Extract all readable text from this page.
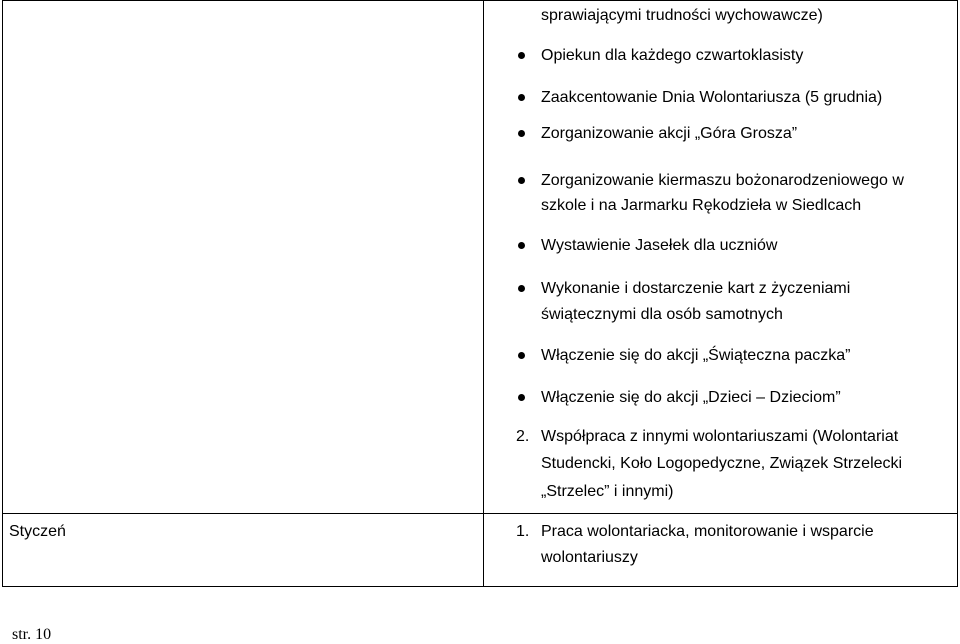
sprawiającymi trudności wychowawcze)
Opiekun dla każdego czwartoklasisty
Zaakcentowanie Dnia Wolontariusza (5 grudnia)
Zorganizowanie akcji „Góra Grosza”
Zorganizowanie kiermaszu bożonarodzeniowego w
szkole i na Jarmarku Rękodzieła w Siedlcach
Wystawienie Jasełek dla uczniów
Wykonanie i dostarczenie kart z życzeniami
świątecznymi dla osób samotnych
Włączenie się do akcji „Świąteczna paczka”
Włączenie się do akcji „Dzieci – Dzieciom”
2. Współpraca z innymi wolontariuszami (Wolontariat
Studencki, Koło Logopedyczne, Związek Strzelecki
„Strzelec” i innymi)
Styczeń	1. Praca wolontariacka, monitorowanie i wsparcie
wolontariuszy
str. 10
